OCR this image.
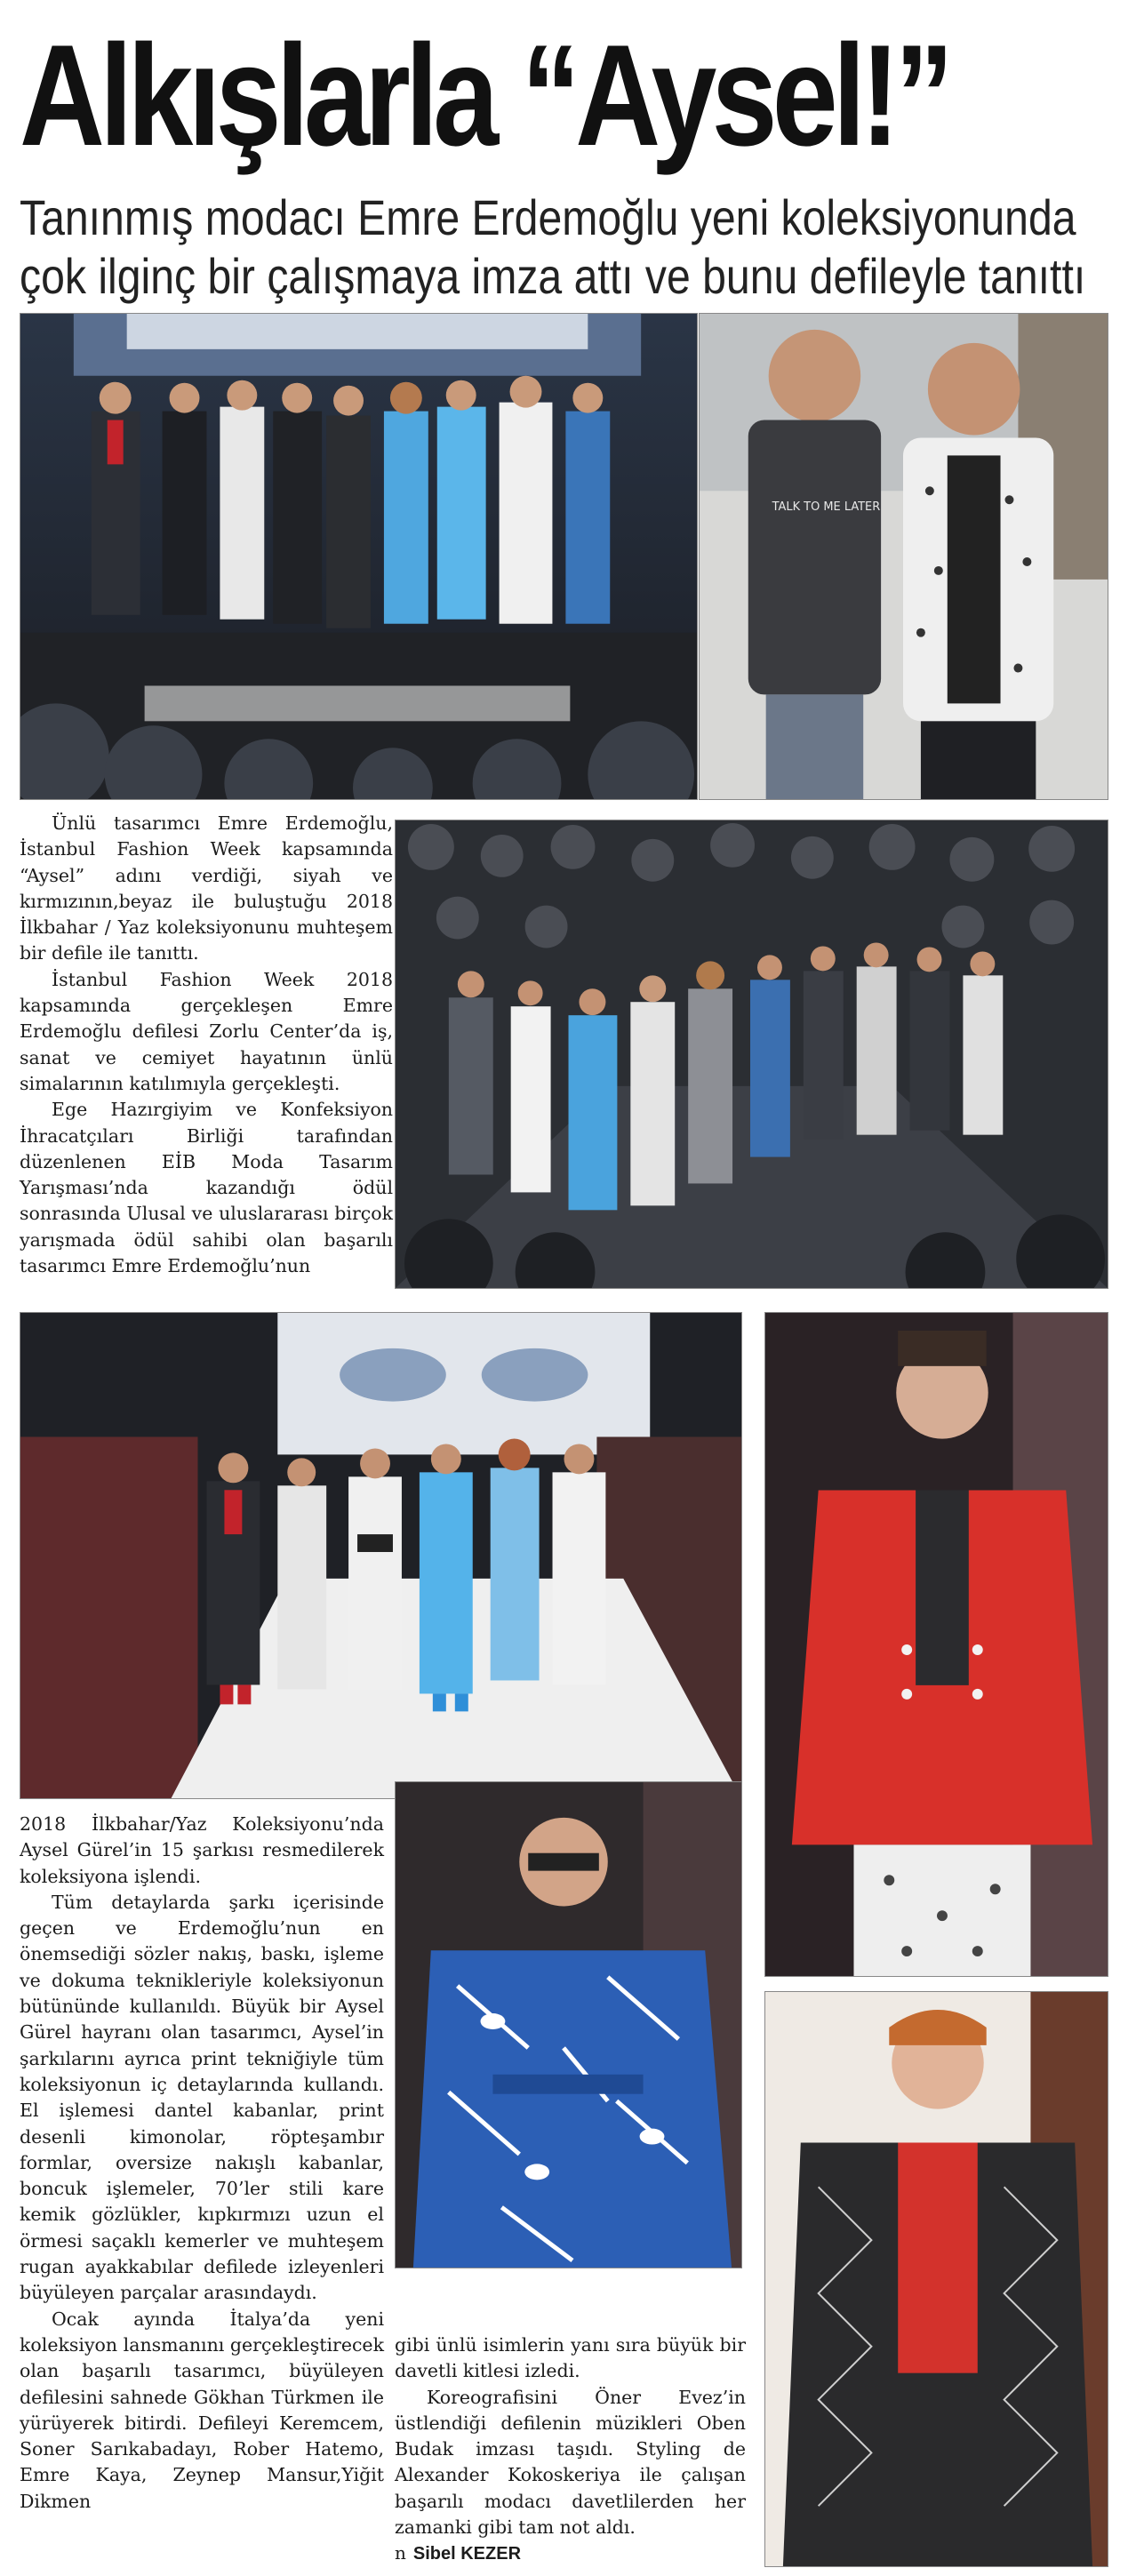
Alkışlarla “Aysel!”
Tanınmış modacı Emre Erdemoğlu yeni koleksiyonunda
çok ilginç bir çalışmaya imza attı ve bunu defileyle tanıttı
TALK TO ME LATER

Ünlü tasarımcı Emre Erdemoğlu, İstanbul Fashion Week kapsamında “Aysel” adını verdiği, siyah ve kırmızının,beyaz ile buluştuğu 2018 İlkbahar / Yaz koleksiyonunu muhteşem bir defile ile tanıttı.

İstanbul Fashion Week 2018 kapsamında gerçekleşen Emre Erdemoğlu defilesi Zorlu Center’da iş, sanat ve cemiyet hayatının ünlü simalarının katılımıyla gerçekleşti.

Ege Hazırgiyim ve Konfeksiyon İhracatçıları Birliği tarafından düzenlenen EİB Moda Tasarım Yarışması’nda kazandığı ödül sonrasında Ulusal ve uluslararası birçok yarışmada ödül sahibi olan başarılı tasarımcı Emre Erdemoğlu’nun

2018 İlkbahar/Yaz Koleksiyonu’nda Aysel Gürel’in 15 şarkısı resmedilerek koleksiyona işlendi.

Tüm detaylarda şarkı içerisinde geçen ve Erdemoğlu’nun en önemsediği sözler nakış, baskı, işleme ve dokuma teknikleriyle koleksiyonun bütününde kullanıldı. Büyük bir Aysel Gürel hayranı olan tasarımcı, Aysel’in şarkılarını ayrıca print tekniğiyle tüm koleksiyonun iç detaylarında kullandı. El işlemesi dantel kabanlar, print desenli kimonolar, röpteşambır formlar, oversize nakışlı kabanlar, boncuk işlemeler, 70’ler stili kare kemik gözlükler, kıpkırmızı uzun el örmesi saçaklı kemerler ve muhteşem rugan ayakkabılar defilede izleyenleri büyüleyen parçalar arasındaydı.

Ocak ayında İtalya’da yeni koleksiyon lansmanını gerçekleştirecek olan başarılı tasarımcı, büyüleyen defilesini sahnede Gökhan Türkmen ile yürüyerek bitirdi. Defileyi Keremcem, Soner Sarıkabadayı, Rober Hatemo, Emre Kaya, Zeynep Mansur,Yiğit Dikmen

gibi ünlü isimlerin yanı sıra büyük bir davetli kitlesi izledi.

Koreografisini Öner Evez’in üstlendiği defilenin müzikleri Oben Budak imzası taşıdı. Styling de Alexander Kokoskeriya ile çalışan başarılı modacı davetlilerden her zamanki gibi tam not aldı.

n Sibel KEZER
